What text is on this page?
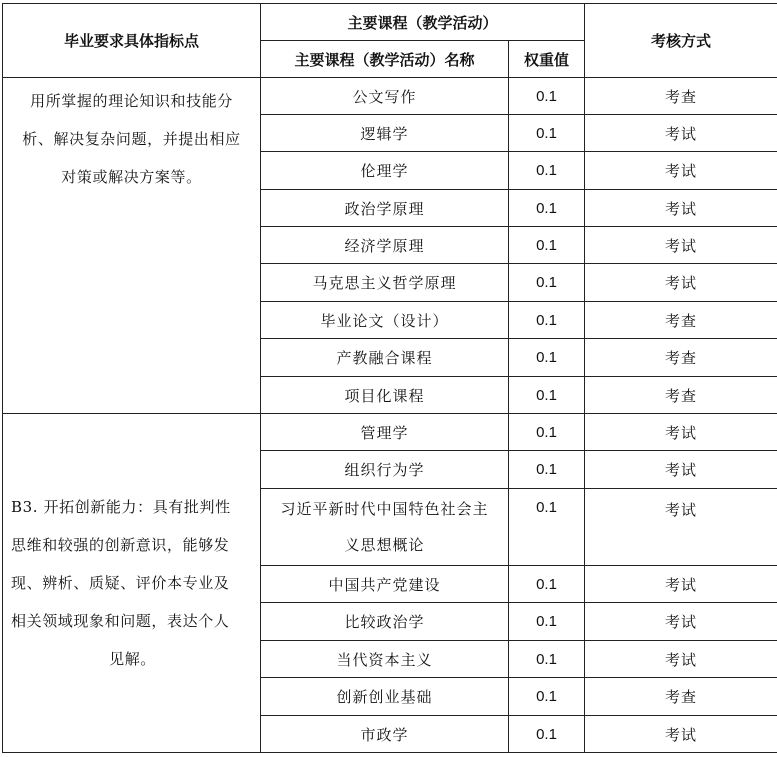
毕业要求具体指标点	主要课程（教学活动）		考核方式
	主要课程（教学活动）名称	权重值	

用所掌握的理论知识和技能分
析、解决复杂问题，并提出相应
对策或解决方案等。	公文写作	0.1	考查
	逻辑学	0.1	考试
	伦理学	0.1	考试
	政治学原理	0.1	考试
	经济学原理	0.1	考试
	马克思主义哲学原理	0.1	考试
	毕业论文（设计）	0.1	考查
	产教融合课程	0.1	考查
	项目化课程	0.1	考查

B3. 开拓创新能力：具有批判性
思维和较强的创新意识，能够发
现、辨析、质疑、评价本专业及
相关领域现象和问题，表达个人
见解。	管理学	0.1	考试
	组织行为学	0.1	考试

	习近平新时代中国特色社会主
义思想概论	0.1	考试
	中国共产党建设	0.1	考试
	比较政治学	0.1	考试
	当代资本主义	0.1	考试
	创新创业基础	0.1	考查
	市政学	0.1	考试
